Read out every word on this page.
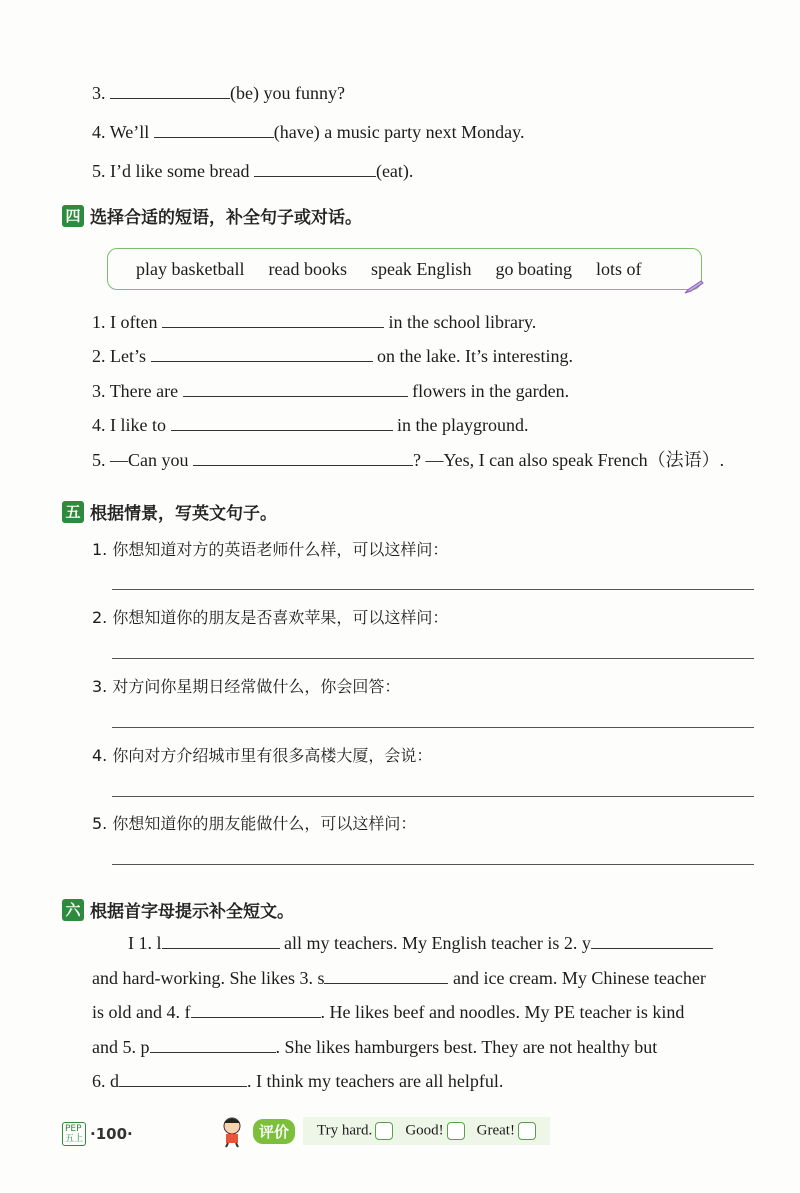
3.	(be) you funny?
4. We’ll	(have) a music party next Monday.
5. I’d like some bread	(eat).
四 选择合适的短语，补全句子或对话。
play basketball read books speak English go boating lots of
1. I often	in the school library.
2. Let’s	on the lake. It’s interesting.
3. There are	flowers in the garden.
4. I like to	in the playground.
5. —Can you	? —Yes, I can also speak French（法语）.
五 根据情景，写英文句子。
1. 你想知道对方的英语老师什么样，可以这样问：
2. 你想知道你的朋友是否喜欢苹果，可以这样问：
3. 对方问你星期日经常做什么，你会回答：
4. 你向对方介绍城市里有很多高楼大厦，会说：
5. 你想知道你的朋友能做什么，可以这样问：
六 根据首字母提示补全短文。
I 1. l	all my teachers. My English teacher is 2. y
and hard-working. She likes 3. s	and ice cream. My Chinese teacher
is old and 4. f	. He likes beef and noodles. My PE teacher is kind
and 5. p	. She likes hamburgers best. They are not healthy but
6. d	. I think my teachers are all helpful.
PEP
五上 ·100·	评价	Try hard.	Good!	Great!
